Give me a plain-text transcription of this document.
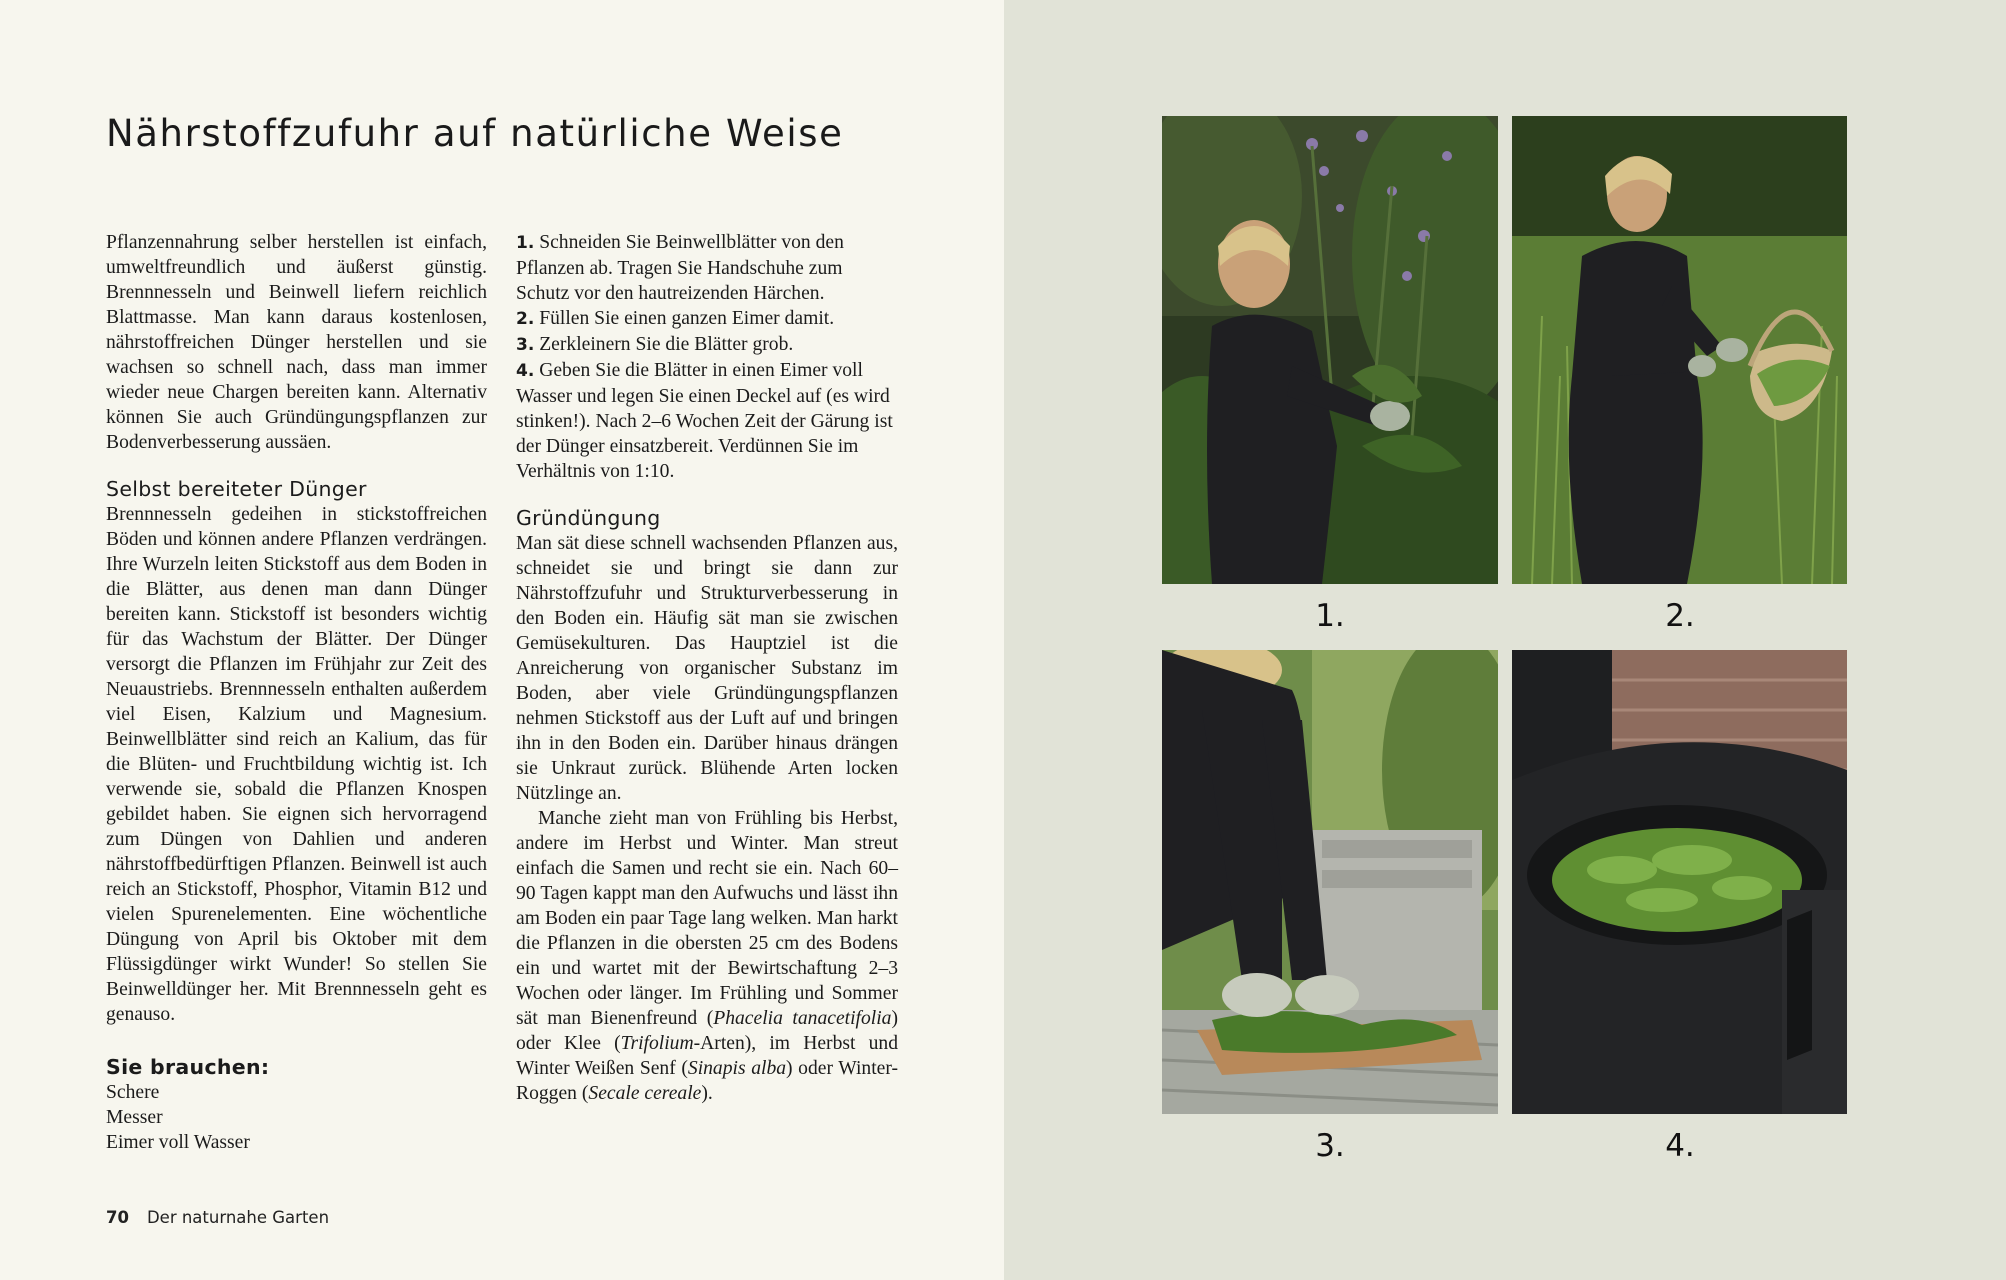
Nährstoffzufuhr auf natürliche Weise

Pflanzennahrung selber herstellen ist einfach, umweltfreundlich und äußerst günstig. Brennnesseln und Beinwell liefern reichlich Blattmasse. Man kann daraus kostenlosen, nährstoffreichen Dünger herstellen und sie wachsen so schnell nach, dass man immer wieder neue Chargen bereiten kann. Alternativ können Sie auch Gründüngungspflanzen zur Bodenverbesserung aussäen.

Selbst bereiteter Dünger

Brennnesseln gedeihen in stickstoffreichen Böden und können andere Pflanzen verdrängen. Ihre Wurzeln leiten Stickstoff aus dem Boden in die Blätter, aus denen man dann Dünger bereiten kann. Stickstoff ist besonders wichtig für das Wachstum der Blätter. Der Dünger versorgt die Pflanzen im Frühjahr zur Zeit des Neuaustriebs. Brennnesseln enthalten außerdem viel Eisen, Kalzium und Magnesium. Beinwellblätter sind reich an Kalium, das für die Blüten- und Fruchtbildung wichtig ist. Ich verwende sie, sobald die Pflanzen Knospen gebildet haben. Sie eignen sich hervorragend zum Düngen von Dahlien und anderen nährstoffbedürftigen Pflanzen. Beinwell ist auch reich an Stickstoff, Phosphor, Vitamin B12 und vielen Spurenelementen. Eine wöchentliche Düngung von April bis Oktober mit dem Flüssigdünger wirkt Wunder! So stellen Sie Beinwelldünger her. Mit Brennnesseln geht es genauso.

Sie brauchen:
Schere
Messer
Eimer voll Wasser

1. Schneiden Sie Beinwellblätter von den Pflanzen ab. Tragen Sie Handschuhe zum Schutz vor den hautreizenden Härchen.

2. Füllen Sie einen ganzen Eimer damit.

3. Zerkleinern Sie die Blätter grob.

4. Geben Sie die Blätter in einen Eimer voll Wasser und legen Sie einen Deckel auf (es wird stinken!). Nach 2–6 Wochen Zeit der Gärung ist der Dünger einsatzbereit. Verdünnen Sie im Verhältnis von 1:10.

Gründüngung

Man sät diese schnell wachsenden Pflanzen aus, schneidet sie und bringt sie dann zur Nährstoffzufuhr und Strukturverbesserung in den Boden ein. Häufig sät man sie zwischen Gemüsekulturen. Das Hauptziel ist die Anreicherung von organischer Substanz im Boden, aber viele Gründüngungspflanzen nehmen Stickstoff aus der Luft auf und bringen ihn in den Boden ein. Darüber hinaus drängen sie Unkraut zurück. Blühende Arten locken Nützlinge an.

Manche zieht man von Frühling bis Herbst, andere im Herbst und Winter. Man streut einfach die Samen und recht sie ein. Nach 60–90 Tagen kappt man den Aufwuchs und lässt ihn am Boden ein paar Tage lang welken. Man harkt die Pflanzen in die obersten 25 cm des Bodens ein und wartet mit der Bewirtschaftung 2–3 Wochen oder länger. Im Frühling und Sommer sät man Bienenfreund (Phacelia tanacetifolia) oder Klee (Trifolium-Arten), im Herbst und Winter Weißen Senf (Sinapis alba) oder Winter-Roggen (Secale cereale).

70 Der naturnahe Garten
1.	2.
3.	4.
